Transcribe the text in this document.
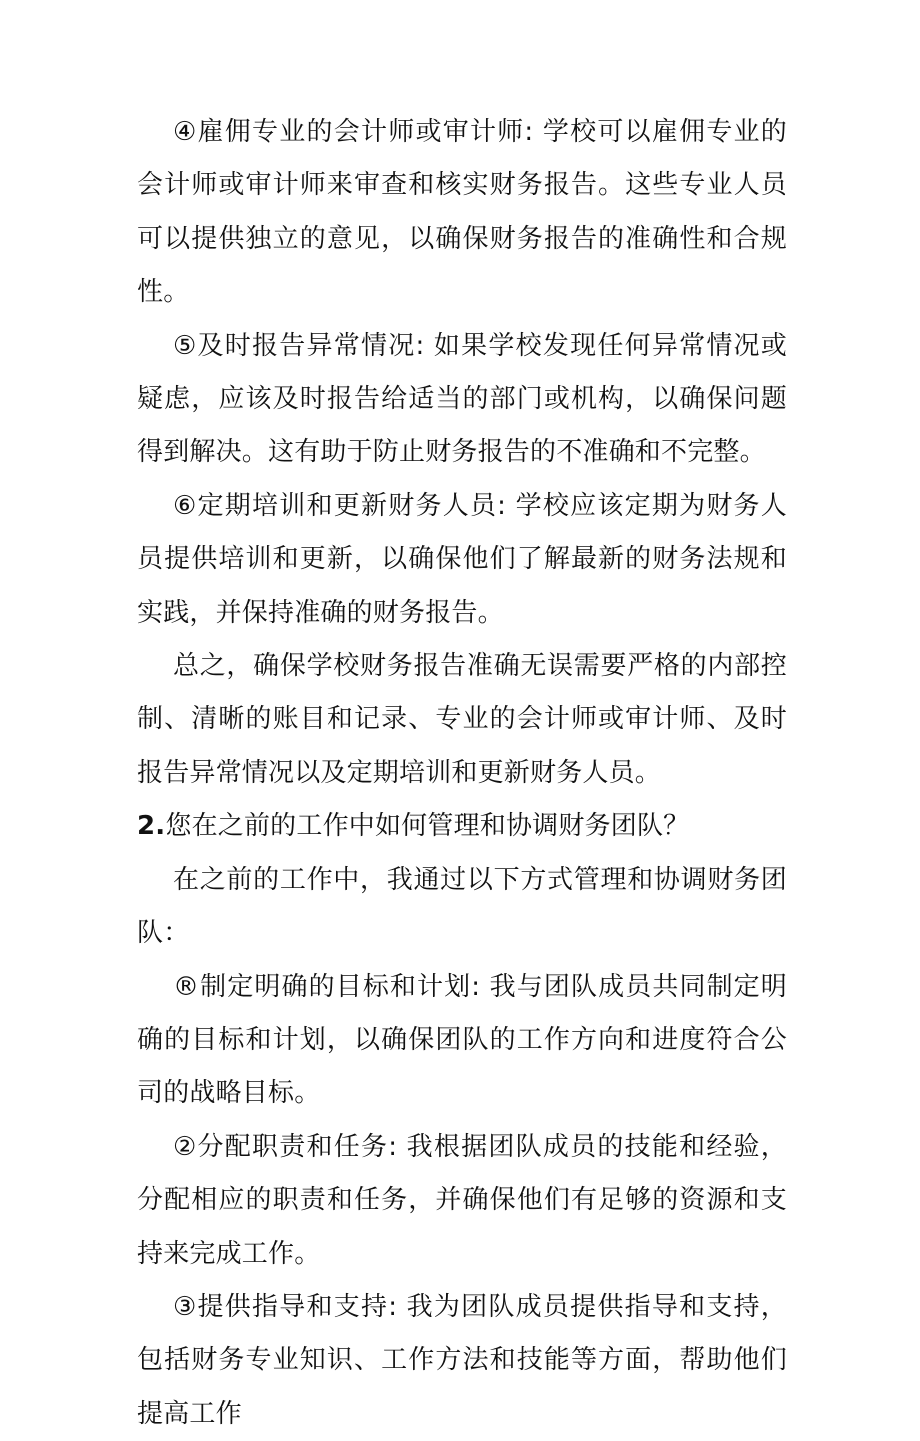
④雇佣专业的会计师或审计师: 学校可以雇佣专业的会计师或审计师来审查和核实财务报告。这些专业人员可以提供独立的意见，以确保财务报告的准确性和合规性。

⑤及时报告异常情况: 如果学校发现任何异常情况或疑虑，应该及时报告给适当的部门或机构，以确保问题得到解决。这有助于防止财务报告的不准确和不完整。

⑥定期培训和更新财务人员: 学校应该定期为财务人员提供培训和更新，以确保他们了解最新的财务法规和实践，并保持准确的财务报告。

总之，确保学校财务报告准确无误需要严格的内部控制、清晰的账目和记录、专业的会计师或审计师、及时报告异常情况以及定期培训和更新财务人员。

2.您在之前的工作中如何管理和协调财务团队？

在之前的工作中，我通过以下方式管理和协调财务团队：

®制定明确的目标和计划: 我与团队成员共同制定明确的目标和计划，以确保团队的工作方向和进度符合公司的战略目标。

②分配职责和任务: 我根据团队成员的技能和经验，分配相应的职责和任务，并确保他们有足够的资源和支持来完成工作。

③提供指导和支持: 我为团队成员提供指导和支持，包括财务专业知识、工作方法和技能等方面，帮助他们提高工作
